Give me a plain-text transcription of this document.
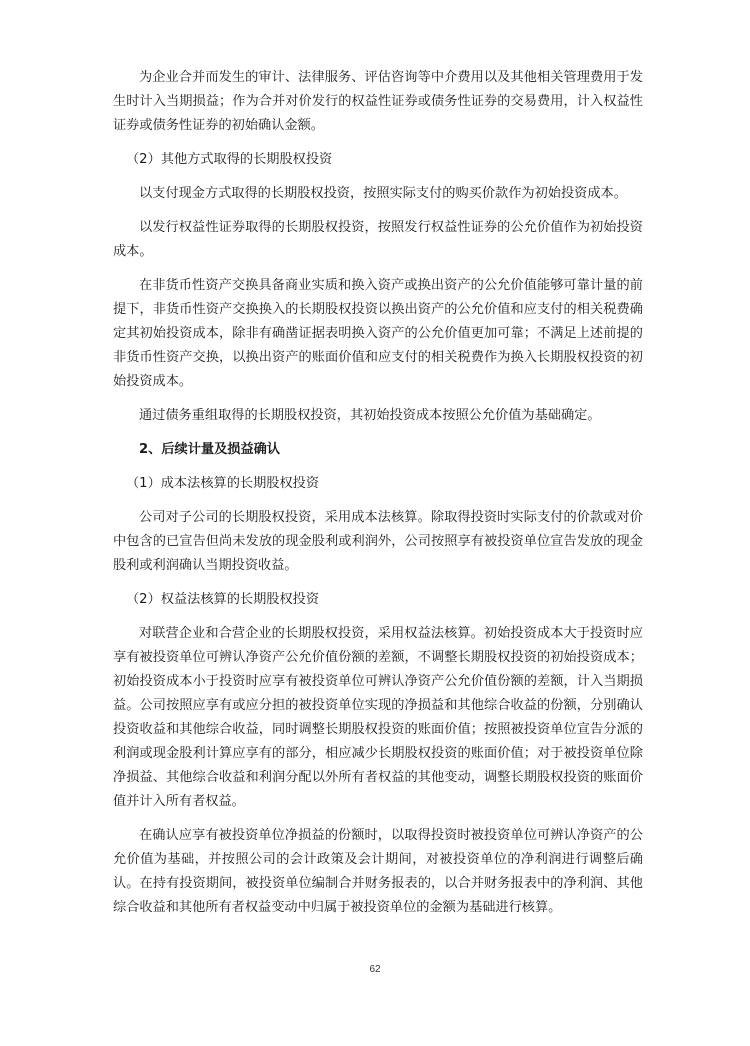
为企业合并而发生的审计、法律服务、评估咨询等中介费用以及其他相关管理费用于发生时计入当期损益；作为合并对价发行的权益性证券或债务性证券的交易费用，计入权益性证券或债务性证券的初始确认金额。

（2）其他方式取得的长期股权投资

以支付现金方式取得的长期股权投资，按照实际支付的购买价款作为初始投资成本。

以发行权益性证券取得的长期股权投资，按照发行权益性证券的公允价值作为初始投资成本。

在非货币性资产交换具备商业实质和换入资产或换出资产的公允价值能够可靠计量的前提下，非货币性资产交换换入的长期股权投资以换出资产的公允价值和应支付的相关税费确定其初始投资成本，除非有确凿证据表明换入资产的公允价值更加可靠；不满足上述前提的非货币性资产交换，以换出资产的账面价值和应支付的相关税费作为换入长期股权投资的初始投资成本。

通过债务重组取得的长期股权投资，其初始投资成本按照公允价值为基础确定。

2、后续计量及损益确认

（1）成本法核算的长期股权投资

公司对子公司的长期股权投资，采用成本法核算。除取得投资时实际支付的价款或对价中包含的已宣告但尚未发放的现金股利或利润外，公司按照享有被投资单位宣告发放的现金股利或利润确认当期投资收益。

（2）权益法核算的长期股权投资

对联营企业和合营企业的长期股权投资，采用权益法核算。初始投资成本大于投资时应享有被投资单位可辨认净资产公允价值份额的差额，不调整长期股权投资的初始投资成本；初始投资成本小于投资时应享有被投资单位可辨认净资产公允价值份额的差额，计入当期损益。公司按照应享有或应分担的被投资单位实现的净损益和其他综合收益的份额，分别确认投资收益和其他综合收益，同时调整长期股权投资的账面价值；按照被投资单位宣告分派的利润或现金股利计算应享有的部分，相应减少长期股权投资的账面价值；对于被投资单位除净损益、其他综合收益和利润分配以外所有者权益的其他变动，调整长期股权投资的账面价值并计入所有者权益。

在确认应享有被投资单位净损益的份额时，以取得投资时被投资单位可辨认净资产的公允价值为基础，并按照公司的会计政策及会计期间，对被投资单位的净利润进行调整后确认。在持有投资期间，被投资单位编制合并财务报表的，以合并财务报表中的净利润、其他综合收益和其他所有者权益变动中归属于被投资单位的金额为基础进行核算。

62
